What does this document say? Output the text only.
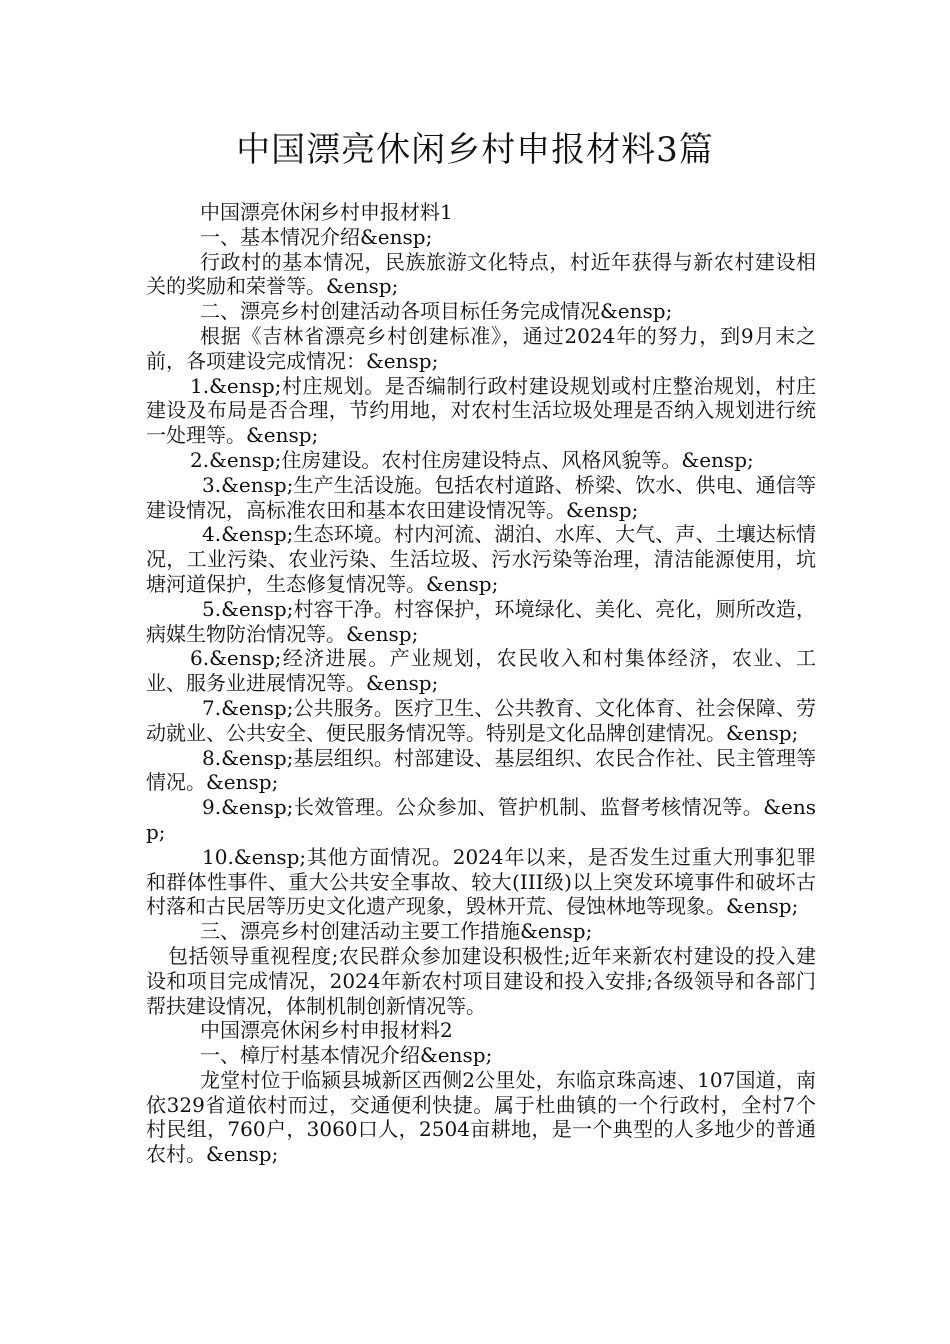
中国漂亮休闲乡村申报材料3篇

中国漂亮休闲乡村申报材料1

一、基本情况介绍&ensp;

行政村的基本情况，民族旅游文化特点，村近年获得与新农村建设相关的奖励和荣誉等。&ensp;

二、漂亮乡村创建活动各项目标任务完成情况&ensp;

根据《吉林省漂亮乡村创建标准》，通过2024年的努力，到9月末之前，各项建设完成情况：&ensp;

1.&ensp;村庄规划。是否编制行政村建设规划或村庄整治规划，村庄建设及布局是否合理，节约用地，对农村生活垃圾处理是否纳入规划进行统一处理等。&ensp;

2.&ensp;住房建设。农村住房建设特点、风格风貌等。&ensp;

3.&ensp;生产生活设施。包括农村道路、桥梁、饮水、供电、通信等建设情况，高标准农田和基本农田建设情况等。&ensp;

4.&ensp;生态环境。村内河流、湖泊、水库、大气、声、土壤达标情况，工业污染、农业污染、生活垃圾、污水污染等治理，清洁能源使用，坑塘河道保护，生态修复情况等。&ensp;

5.&ensp;村容干净。村容保护，环境绿化、美化、亮化，厕所改造，病媒生物防治情况等。&ensp;

6.&ensp;经济进展。产业规划，农民收入和村集体经济，农业、工业、服务业进展情况等。&ensp;

7.&ensp;公共服务。医疗卫生、公共教育、文化体育、社会保障、劳动就业、公共安全、便民服务情况等。特别是文化品牌创建情况。&ensp;

8.&ensp;基层组织。村部建设、基层组织、农民合作社、民主管理等情况。&ensp;

9.&ensp;长效管理。公众参加、管护机制、监督考核情况等。&ensp;

10.&ensp;其他方面情况。2024年以来，是否发生过重大刑事犯罪和群体性事件、重大公共安全事故、较大(III级)以上突发环境事件和破坏古村落和古民居等历史文化遗产现象，毁林开荒、侵蚀林地等现象。&ensp;

三、漂亮乡村创建活动主要工作措施&ensp;

包括领导重视程度;农民群众参加建设积极性;近年来新农村建设的投入建设和项目完成情况，2024年新农村项目建设和投入安排;各级领导和各部门帮扶建设情况，体制机制创新情况等。

中国漂亮休闲乡村申报材料2

一、樟厅村基本情况介绍&ensp;

龙堂村位于临颍县城新区西侧2公里处，东临京珠高速、107国道，南依329省道依村而过，交通便利快捷。属于杜曲镇的一个行政村，全村7个村民组，760户，3060口人，2504亩耕地，是一个典型的人多地少的普通农村。&ensp;
